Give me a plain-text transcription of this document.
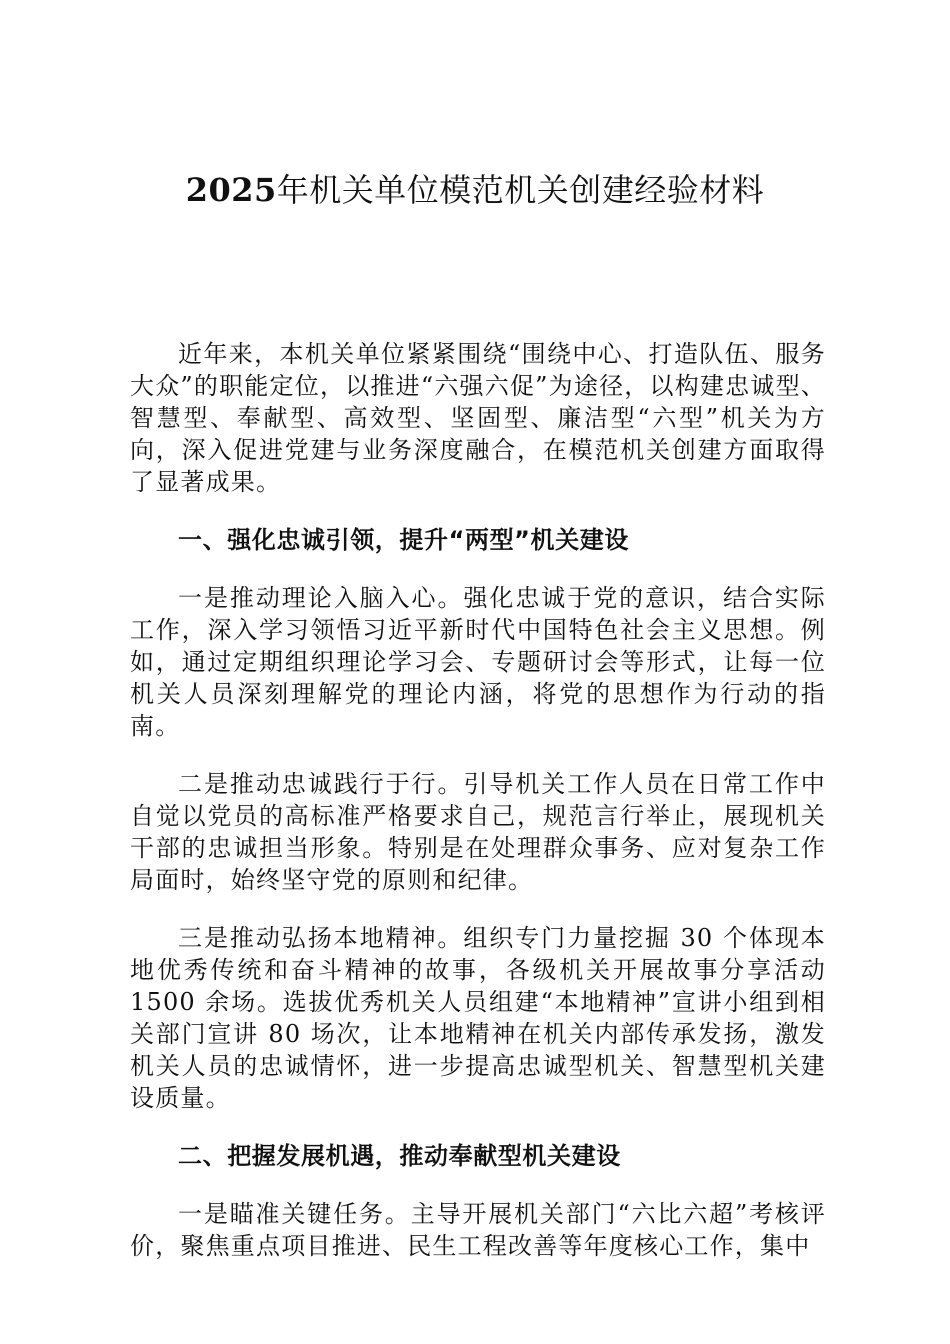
2025年机关单位模范机关创建经验材料

近年来，本机关单位紧紧围绕“围绕中心、打造队伍、服务大众”的职能定位，以推进“六强六促”为途径，以构建忠诚型、智慧型、奉献型、高效型、坚固型、廉洁型“六型”机关为方向，深入促进党建与业务深度融合，在模范机关创建方面取得了显著成果。

一、强化忠诚引领，提升“两型”机关建设

一是推动理论入脑入心。强化忠诚于党的意识，结合实际工作，深入学习领悟习近平新时代中国特色社会主义思想。例如，通过定期组织理论学习会、专题研讨会等形式，让每一位机关人员深刻理解党的理论内涵，将党的思想作为行动的指南。

二是推动忠诚践行于行。引导机关工作人员在日常工作中自觉以党员的高标准严格要求自己，规范言行举止，展现机关干部的忠诚担当形象。特别是在处理群众事务、应对复杂工作局面时，始终坚守党的原则和纪律。

三是推动弘扬本地精神。组织专门力量挖掘 30 个体现本地优秀传统和奋斗精神的故事，各级机关开展故事分享活动 1500 余场。选拔优秀机关人员组建“本地精神”宣讲小组到相关部门宣讲 80 场次，让本地精神在机关内部传承发扬，激发机关人员的忠诚情怀，进一步提高忠诚型机关、智慧型机关建设质量。

二、把握发展机遇，推动奉献型机关建设

一是瞄准关键任务。主导开展机关部门“六比六超”考核评价，聚焦重点项目推进、民生工程改善等年度核心工作，集中
